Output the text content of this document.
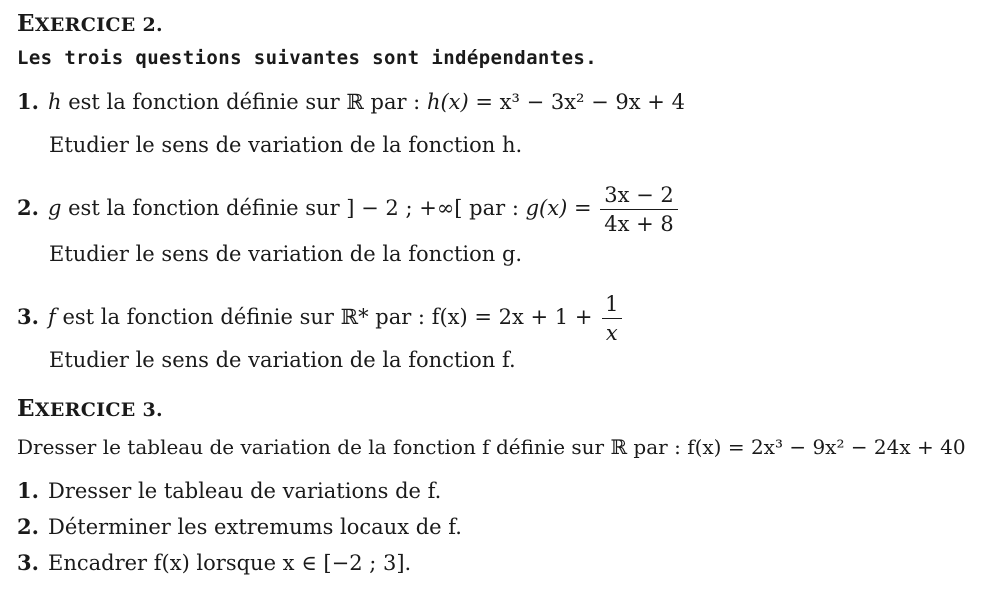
EXERCICE 2.
Les trois questions suivantes sont indépendantes.
1. h est la fonction définie sur ℝ par : h(x) = x³ − 3x² − 9x + 4
Etudier le sens de variation de la fonction h.
2. g est la fonction définie sur ] − 2 ; +∞[ par : $g(x) = \frac{3x - 2}{4x + 8}$
Etudier le sens de variation de la fonction g.
3. f est la fonction définie sur ℝ* par : $f(x) = 2x + 1 + \frac{1}{x}$
Etudier le sens de variation de la fonction f.
EXERCICE 3.
Dresser le tableau de variation de la fonction f définie sur ℝ par : f(x) = 2x³ − 9x² − 24x + 40
1. Dresser le tableau de variations de f.
2. Déterminer les extremums locaux de f.
3. Encadrer f(x) lorsque x ∈ [−2 ; 3].
